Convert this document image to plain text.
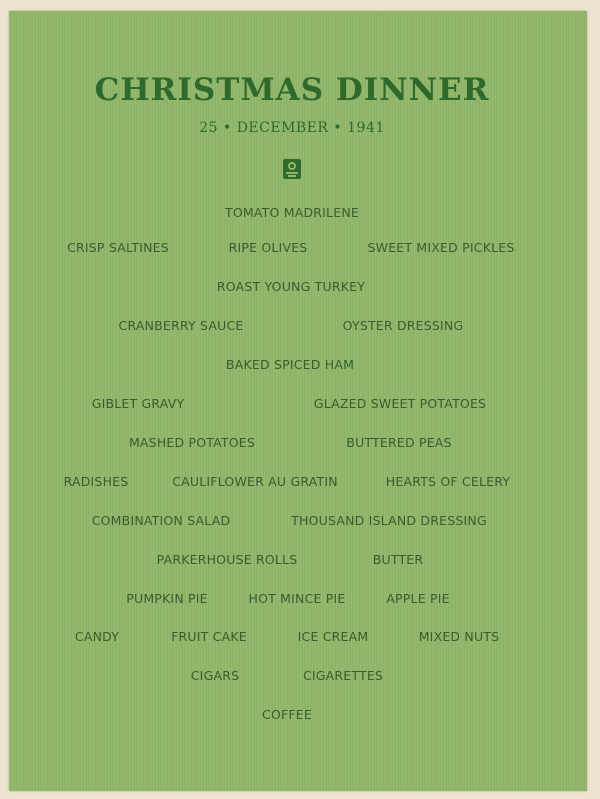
CHRISTMAS DINNER
25 • DECEMBER • 1941
TOMATO MADRILENE
CRISP SALTINES	RIPE OLIVES	SWEET MIXED PICKLES
ROAST YOUNG TURKEY
CRANBERRY SAUCE	OYSTER DRESSING
BAKED SPICED HAM
GIBLET GRAVY	GLAZED SWEET POTATOES
MASHED POTATOES	BUTTERED PEAS
RADISHES	CAULIFLOWER AU GRATIN	HEARTS OF CELERY
COMBINATION SALAD	THOUSAND ISLAND DRESSING
PARKERHOUSE ROLLS	BUTTER
PUMPKIN PIE	HOT MINCE PIE	APPLE PIE
CANDY	FRUIT CAKE	ICE CREAM	MIXED NUTS
CIGARS	CIGARETTES
COFFEE
